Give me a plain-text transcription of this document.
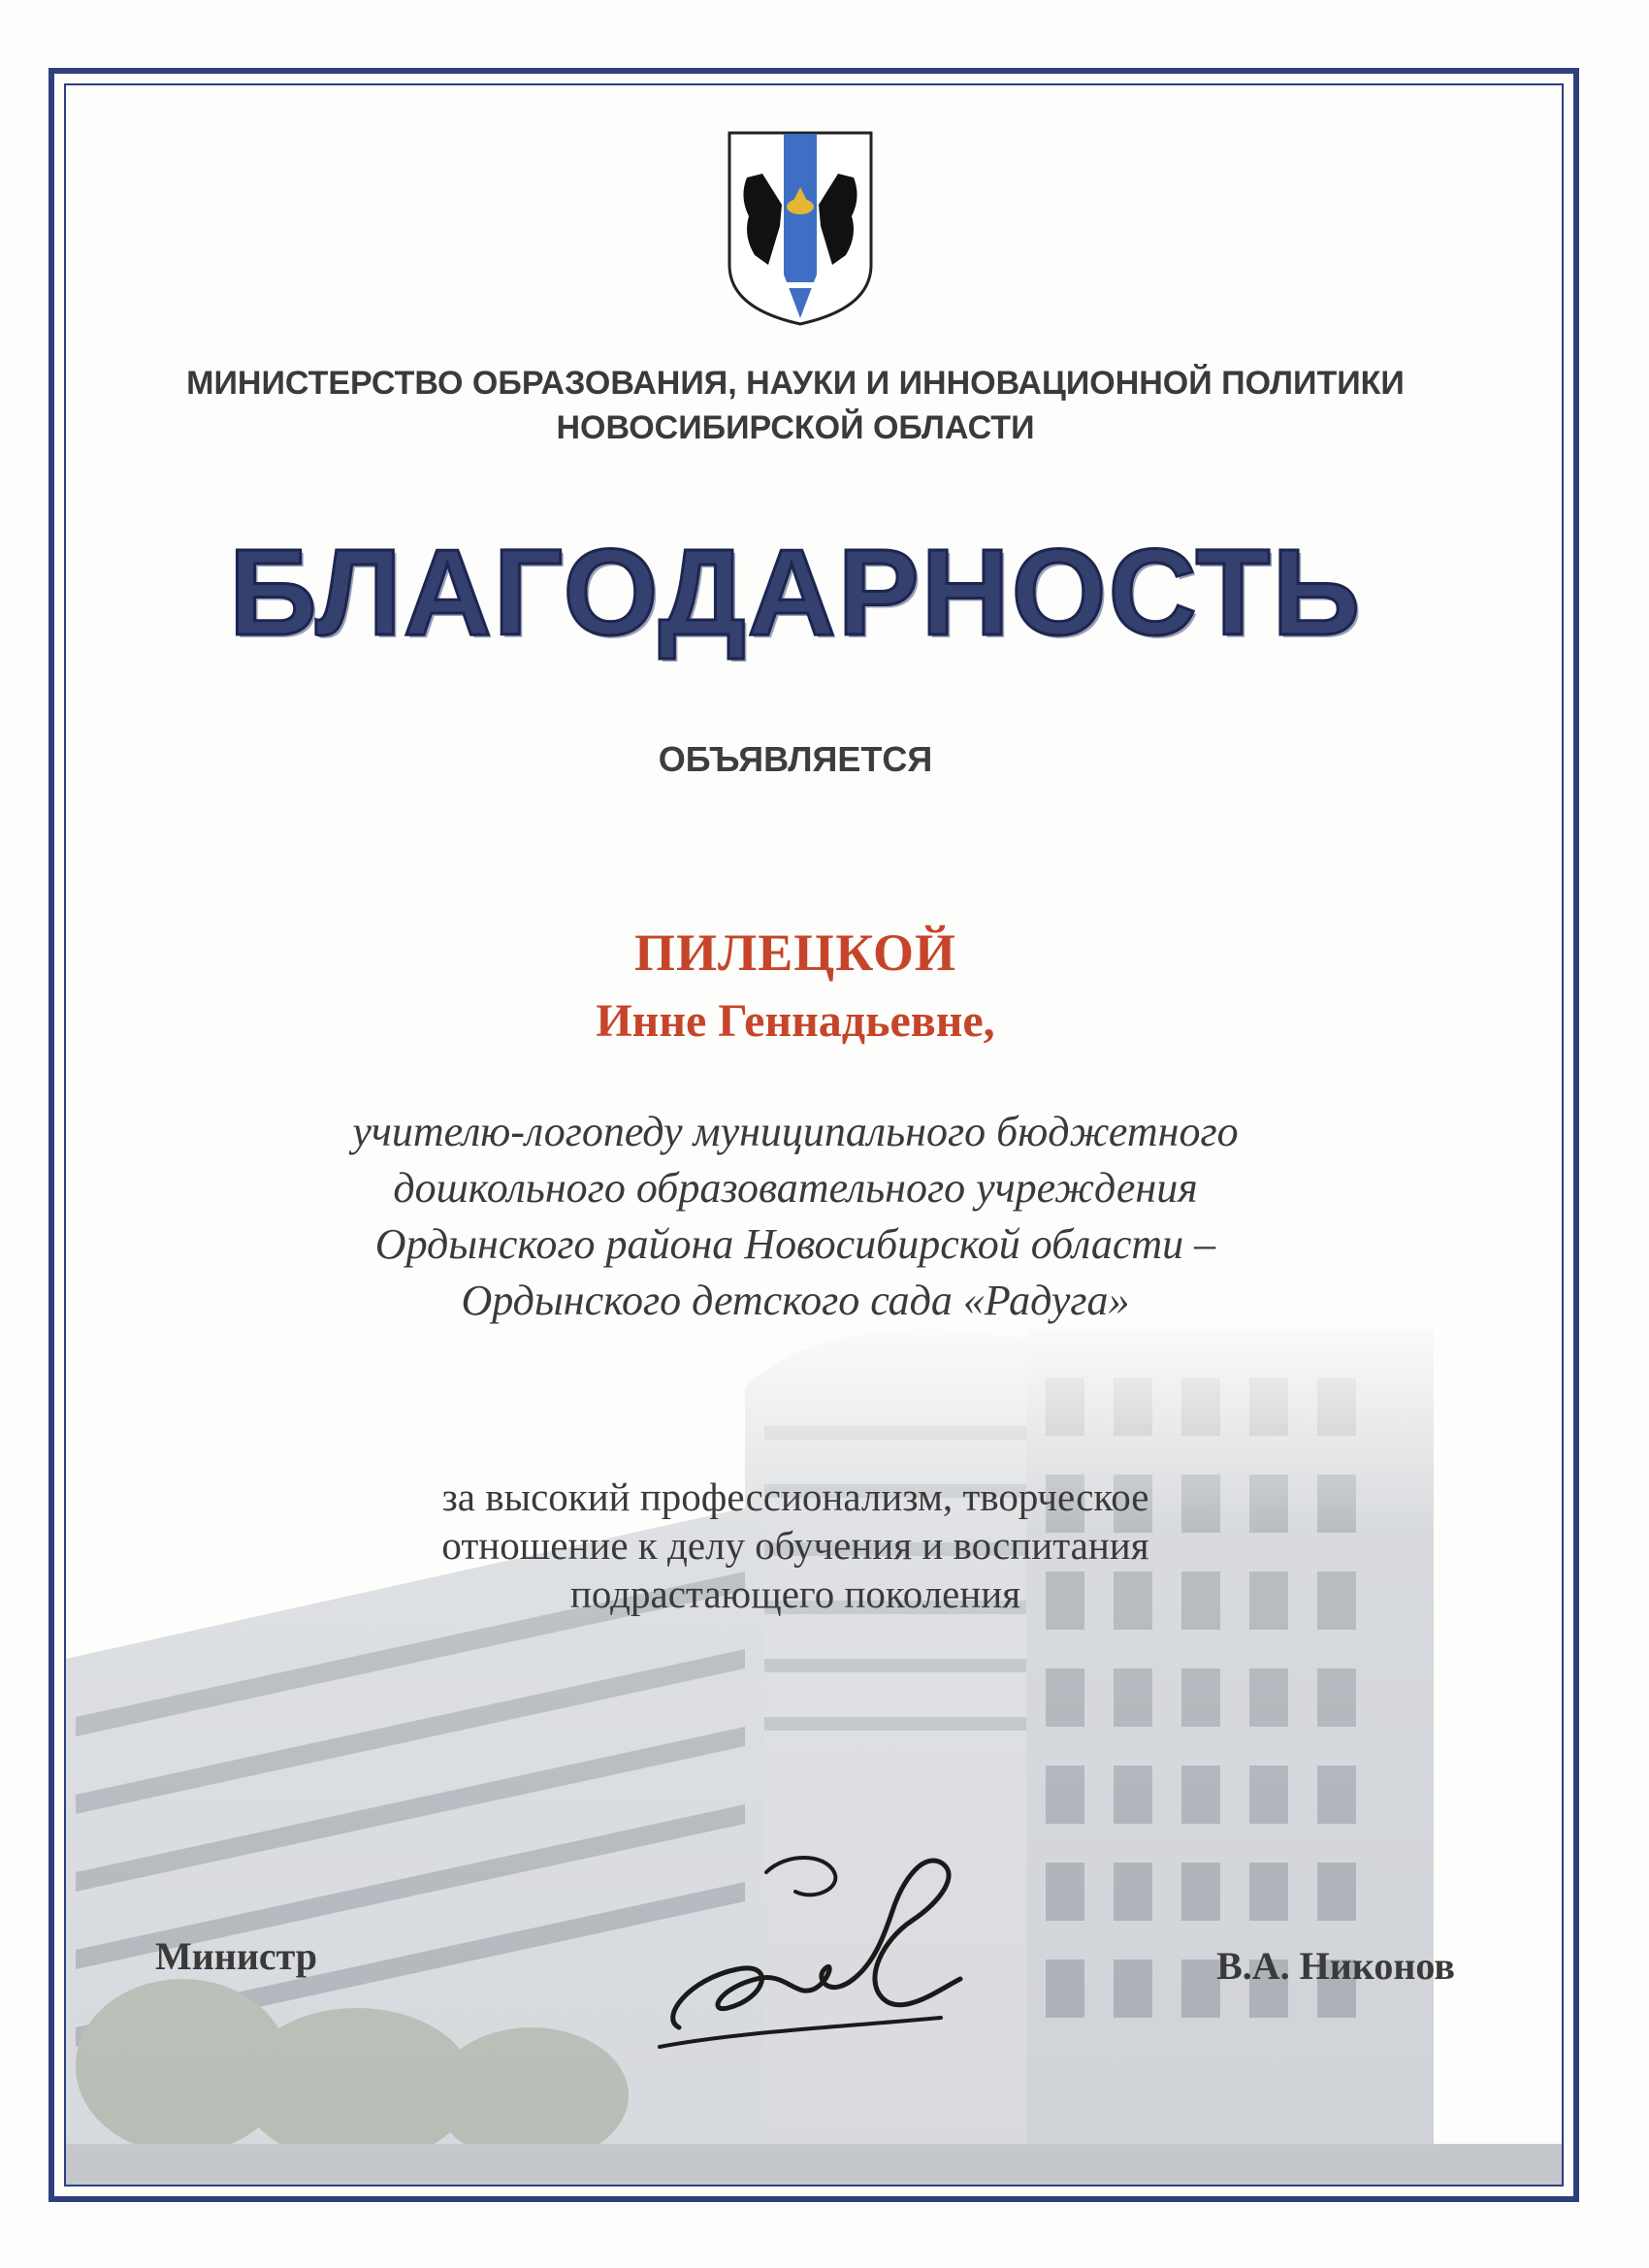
МИНИСТЕРСТВО ОБРАЗОВАНИЯ, НАУКИ И ИННОВАЦИОННОЙ ПОЛИТИКИ
НОВОСИБИРСКОЙ ОБЛАСТИ
БЛАГОДАРНОСТЬ
ОБЪЯВЛЯЕТСЯ
ПИЛЕЦКОЙ
Инне Геннадьевне,
учителю-логопеду муниципального бюджетного
дошкольного образовательного учреждения
Ордынского района Новосибирской области –
Ордынского детского сада «Радуга»
за высокий профессионализм, творческое
отношение к делу обучения и воспитания
подрастающего поколения
Министр	В.А. Никонов
